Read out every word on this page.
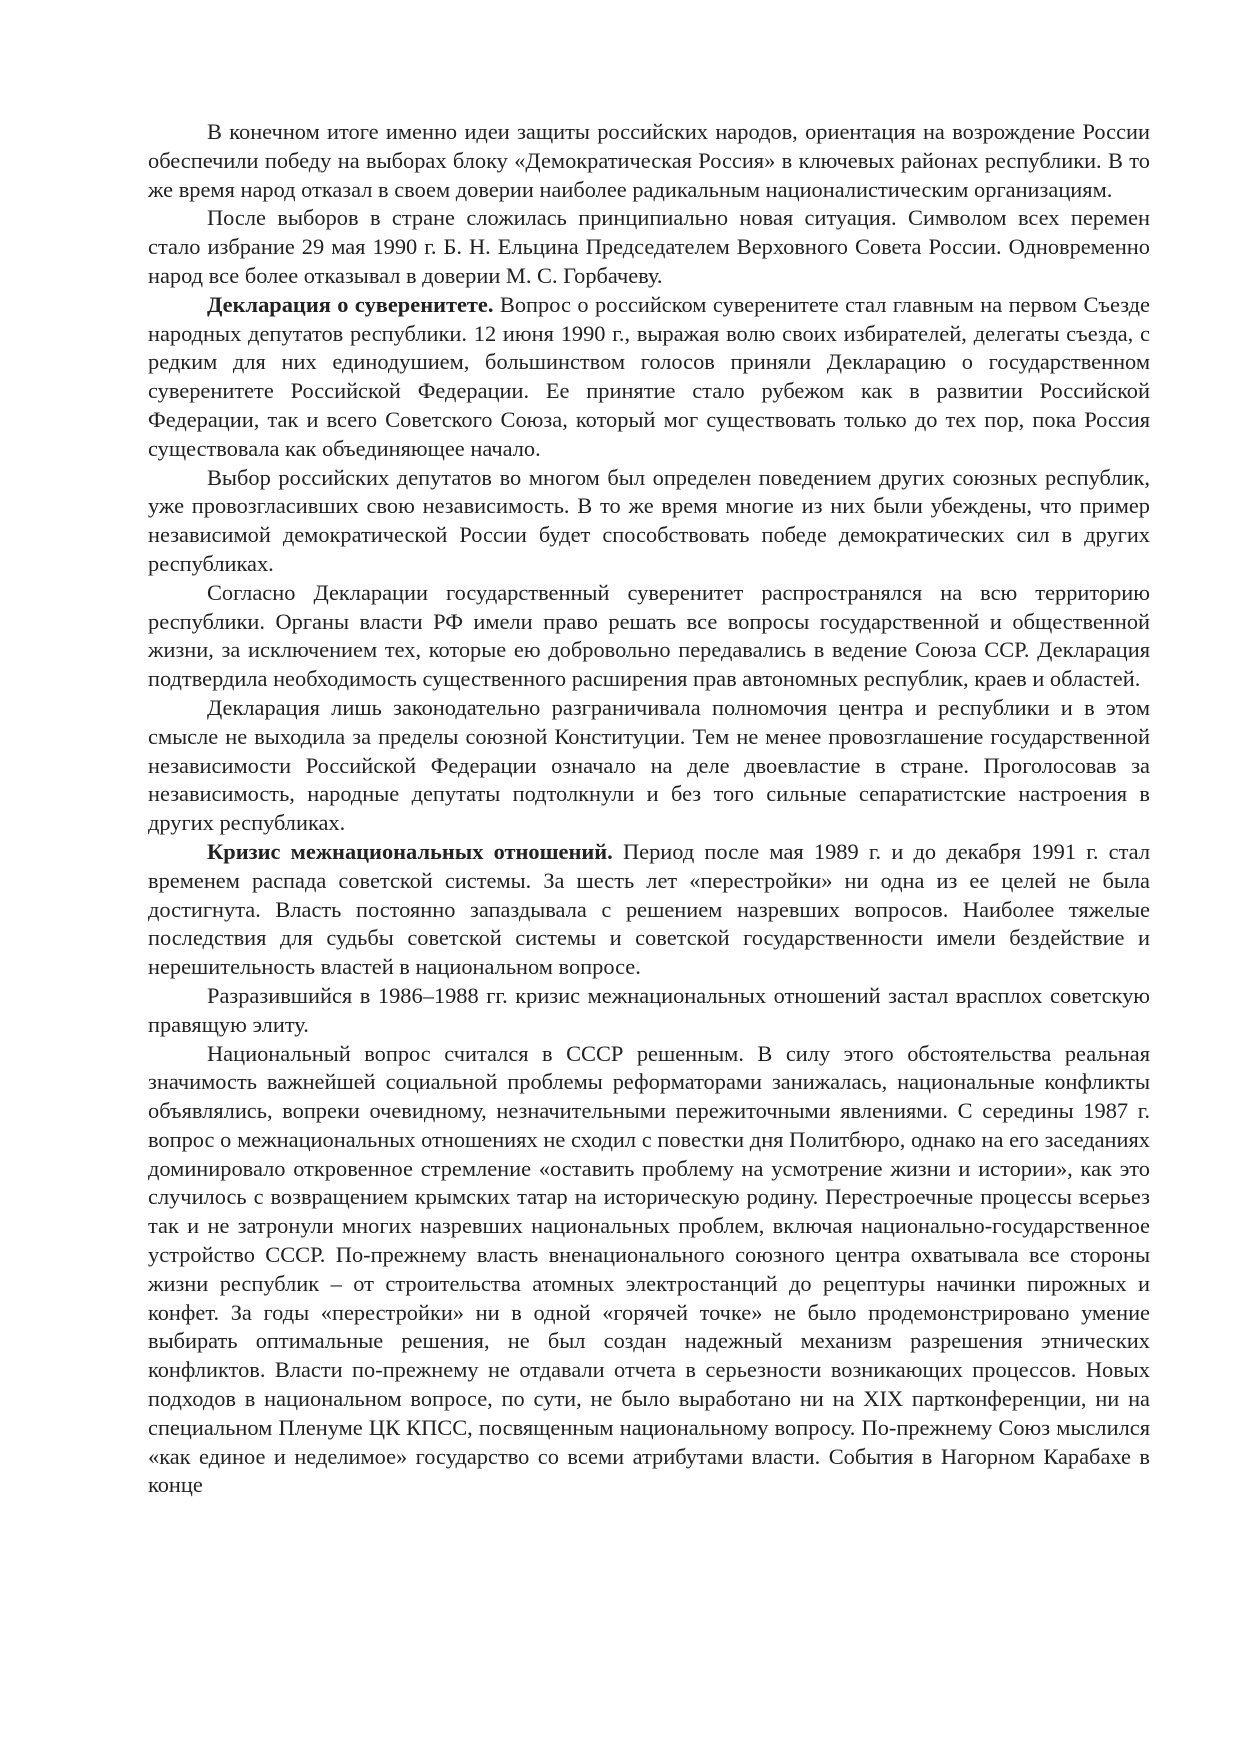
В конечном итоге именно идеи защиты российских народов, ориентация на возрождение России обеспечили победу на выборах блоку «Демократическая Россия» в ключевых районах республики. В то же время народ отказал в своем доверии наиболее радикальным националистическим организациям.

После выборов в стране сложилась принципиально новая ситуация. Символом всех перемен стало избрание 29 мая 1990 г. Б. Н. Ельцина Председателем Верховного Совета России. Одновременно народ все более отказывал в доверии М. С. Горбачеву.

Декларация о суверенитете. Вопрос о российском суверенитете стал главным на первом Съезде народных депутатов республики. 12 июня 1990 г., выражая волю своих избирателей, делегаты съезда, с редким для них единодушием, большинством голосов приняли Декларацию о государственном суверенитете Российской Федерации. Ее принятие стало рубежом как в развитии Российской Федерации, так и всего Советского Союза, который мог существовать только до тех пор, пока Россия существовала как объединяющее начало.

Выбор российских депутатов во многом был определен поведением других союзных республик, уже провозгласивших свою независимость. В то же время многие из них были убеждены, что пример независимой демократической России будет способствовать победе демократических сил в других республиках.

Согласно Декларации государственный суверенитет распространялся на всю территорию республики. Органы власти РФ имели право решать все вопросы государственной и общественной жизни, за исключением тех, которые ею добровольно передавались в ведение Союза ССР. Декларация подтвердила необходимость существенного расширения прав автономных республик, краев и областей.

Декларация лишь законодательно разграничивала полномочия центра и республики и в этом смысле не выходила за пределы союзной Конституции. Тем не менее провозглашение государственной независимости Российской Федерации означало на деле двоевластие в стране. Проголосовав за независимость, народные депутаты подтолкнули и без того сильные сепаратистские настроения в других республиках.

Кризис межнациональных отношений. Период после мая 1989 г. и до декабря 1991 г. стал временем распада советской системы. За шесть лет «перестройки» ни одна из ее целей не была достигнута. Власть постоянно запаздывала с решением назревших вопросов. Наиболее тяжелые последствия для судьбы советской системы и советской государственности имели бездействие и нерешительность властей в национальном вопросе.

Разразившийся в 1986–1988 гг. кризис межнациональных отношений застал врасплох советскую правящую элиту.

Национальный вопрос считался в СССР решенным. В силу этого обстоятельства реальная значимость важнейшей социальной проблемы реформаторами занижалась, национальные конфликты объявлялись, вопреки очевидному, незначительными пережиточными явлениями. С середины 1987 г. вопрос о межнациональных отношениях не сходил с повестки дня Политбюро, однако на его заседаниях доминировало откровенное стремление «оставить проблему на усмотрение жизни и истории», как это случилось с возвращением крымских татар на историческую родину. Перестроечные процессы всерьез так и не затронули многих назревших национальных проблем, включая национально-государственное устройство СССР. По-прежнему власть вненационального союзного центра охватывала все стороны жизни республик – от строительства атомных электростанций до рецептуры начинки пирожных и конфет. За годы «перестройки» ни в одной «горячей точке» не было продемонстрировано умение выбирать оптимальные решения, не был создан надежный механизм разрешения этнических конфликтов. Власти по-прежнему не отдавали отчета в серьезности возникающих процессов. Новых подходов в национальном вопросе, по сути, не было выработано ни на XIX партконференции, ни на специальном Пленуме ЦК КПСС, посвященным национальному вопросу. По-прежнему Союз мыслился «как единое и неделимое» государство со всеми атрибутами власти. События в Нагорном Карабахе в конце
